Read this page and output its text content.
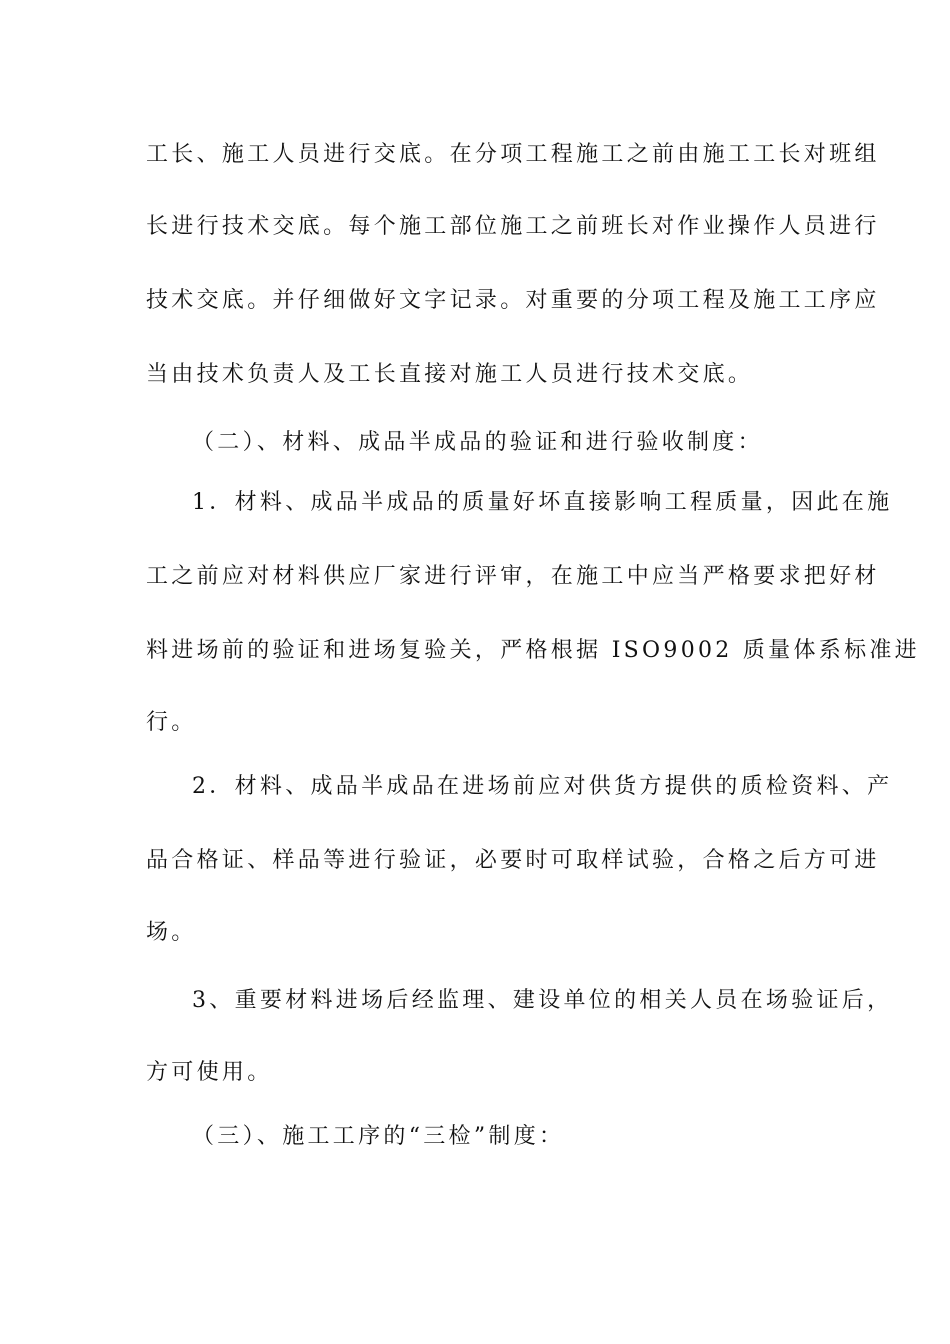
工长、施工人员进行交底。在分项工程施工之前由施工工长对班组
长进行技术交底。每个施工部位施工之前班长对作业操作人员进行
技术交底。并仔细做好文字记录。对重要的分项工程及施工工序应
当由技术负责人及工长直接对施工人员进行技术交底。
（二）、材料、成品半成品的验证和进行验收制度：
1．材料、成品半成品的质量好坏直接影响工程质量，因此在施
工之前应对材料供应厂家进行评审，在施工中应当严格要求把好材
料进场前的验证和进场复验关，严格根据 ISO9002 质量体系标准进
行。
2．材料、成品半成品在进场前应对供货方提供的质检资料、产
品合格证、样品等进行验证，必要时可取样试验，合格之后方可进
场。
3、重要材料进场后经监理、建设单位的相关人员在场验证后，
方可使用。
（三）、施工工序的“三检”制度：
